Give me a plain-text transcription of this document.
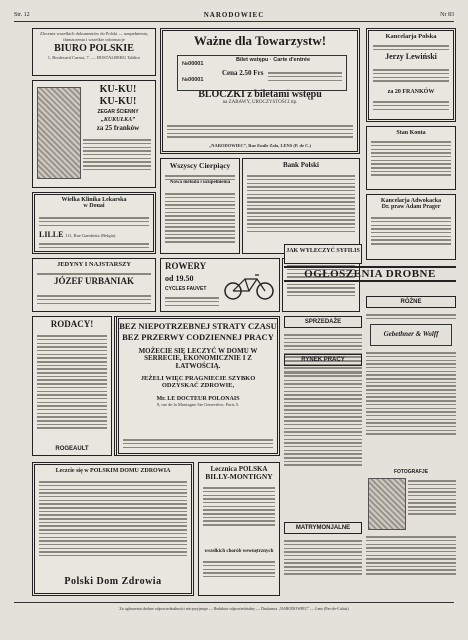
Str. 12	NARODOWIEC	Nr 83
Zlecenia wszelkich dokumentów do Polski — uzupełnienia, tłumaczenia i wszelkie informacje
BIURO POLSKIE
1, Boulevard Carnot, 7. — HOSTALBERG Tablice
KU-KU!
KU-KU!
ZEGAR ŚCIENNY
„KUKUŁKA”
za 25 franków
Wielka Klinika Lekarska
w Douai
LILLE 111, Rue Gambetta (Belgia)
JEDYNY I NAJSTARSZY
JÓZEF URBANIAK
RODACY!
ROGEAULT
Leczcie się w POLSKIM DOMU ZDROWIA
Polski Dom Zdrowia
Ważne dla Towarzystw!
Bilet wstępu · Carte d'entrée
№00001
№00001
Cena 2.50 Frs
BLOCZKI z biletami wstępu
na ZABAWY, UROCZYSTOŚCI itp.
„NARODOWIEC”, Rue Emile Zola, LENS (P. de C.)
Wszyscy Cierpiący
Nowa metoda i uzupełnienia
Bank Polski
ROWERY
od 19.50
CYCLES FAUVET
BEZ NIEPOTRZEBNEJ STRATY CZASU
BEZ PRZERWY CODZIENNEJ PRACY
MOŻECIE SIĘ LECZYĆ W DOMU W SERRECIE, EKONOMICZNIE I Z ŁATWOŚCIĄ.
JEŻELI WIĘC PRAGNIECIE SZYBKO ODZYSKAĆ ZDROWIE,
Mr. LE DOCTEUR POLONAIS
9, rue de la Montagne Ste Geneviève, Paris 5.
Lecznica POLSKA
BILLY-MONTIGNY
wszelkich chorób wewnętrznych
JAK WYLECZYĆ SYFILIS
SPRZEDAŻE
RYNEK PRACY
MATRYMONJALNE
Kancelarja Polska
Jerzy Lewiński
za 20 FRANKÓW
Stan Konta
Kancelarja Adwokacka
Dr. praw Adam Prager
OGŁOSZENIA DROBNE
RÓŻNE
Gebethner & Wolff
FOTOGRAFJE
Za ogłoszenia drobne odpowiedzialności nie przyjmuje — Redaktor odpowiedzialny — Drukarnia „NARODOWIEC” — Lens (Pas-de-Calais)
